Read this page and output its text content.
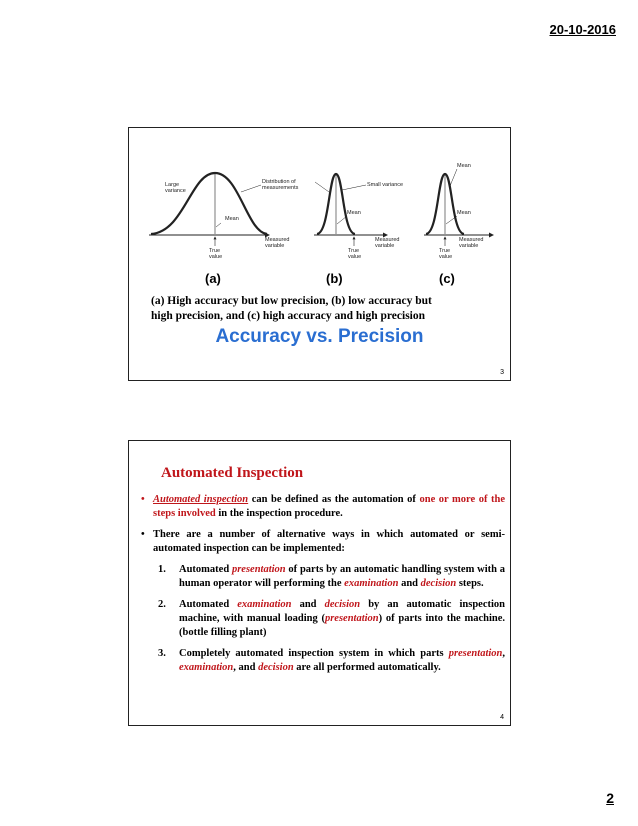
20-10-2016
Large
variance
Distribution of
measurements
Mean
True
value
Measured
variable
Small variance
Mean
True
value
Measured
variable
Mean
Mean
True
value
Measured
variable
(a)	(b)	(c)
(a) High accuracy but low precision, (b) low accuracy but
high precision, and (c) high accuracy and high precision
Accuracy vs. Precision
3
Automated Inspection
• Automated inspection can be defined as the automation of one or more of the steps involved in the inspection procedure.
• There are a number of alternative ways in which automated or semi-automated inspection can be implemented:
1.	Automated presentation of parts by an automatic handling system with a human operator will performing the examination and decision steps.
2.	Automated examination and decision by an automatic inspection machine, with manual loading (presentation) of parts into the machine.(bottle filling plant)
3.	Completely automated inspection system in which parts presentation, examination, and decision are all performed automatically.
4
2
